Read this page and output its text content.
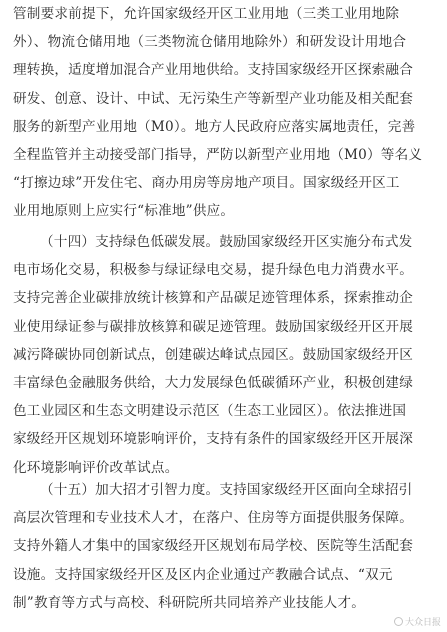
管制要求前提下，允许国家级经开区工业用地（三类工业用地除
外）、物流仓储用地（三类物流仓储用地除外）和研发设计用地合
理转换，适度增加混合产业用地供给。支持国家级经开区探索融合
研发、创意、设计、中试、无污染生产等新型产业功能及相关配套
服务的新型产业用地（M0）。地方人民政府应落实属地责任，完善
全程监管并主动接受部门指导，严防以新型产业用地（M0）等名义
“打擦边球”开发住宅、商办用房等房地产项目。国家级经开区工
业用地原则上应实行“标准地”供应。
（十四）支持绿色低碳发展。鼓励国家级经开区实施分布式发
电市场化交易，积极参与绿证绿电交易，提升绿色电力消费水平。
支持完善企业碳排放统计核算和产品碳足迹管理体系，探索推动企
业使用绿证参与碳排放核算和碳足迹管理。鼓励国家级经开区开展
减污降碳协同创新试点，创建碳达峰试点园区。鼓励国家级经开区
丰富绿色金融服务供给，大力发展绿色低碳循环产业，积极创建绿
色工业园区和生态文明建设示范区（生态工业园区）。依法推进国
家级经开区规划环境影响评价，支持有条件的国家级经开区开展深
化环境影响评价改革试点。
（十五）加大招才引智力度。支持国家级经开区面向全球招引
高层次管理和专业技术人才，在落户、住房等方面提供服务保障。
支持外籍人才集中的国家级经开区规划布局学校、医院等生活配套
设施。支持国家级经开区及区内企业通过产教融合试点、“双元
制”教育等方式与高校、科研院所共同培养产业技能人才。
大众日报
